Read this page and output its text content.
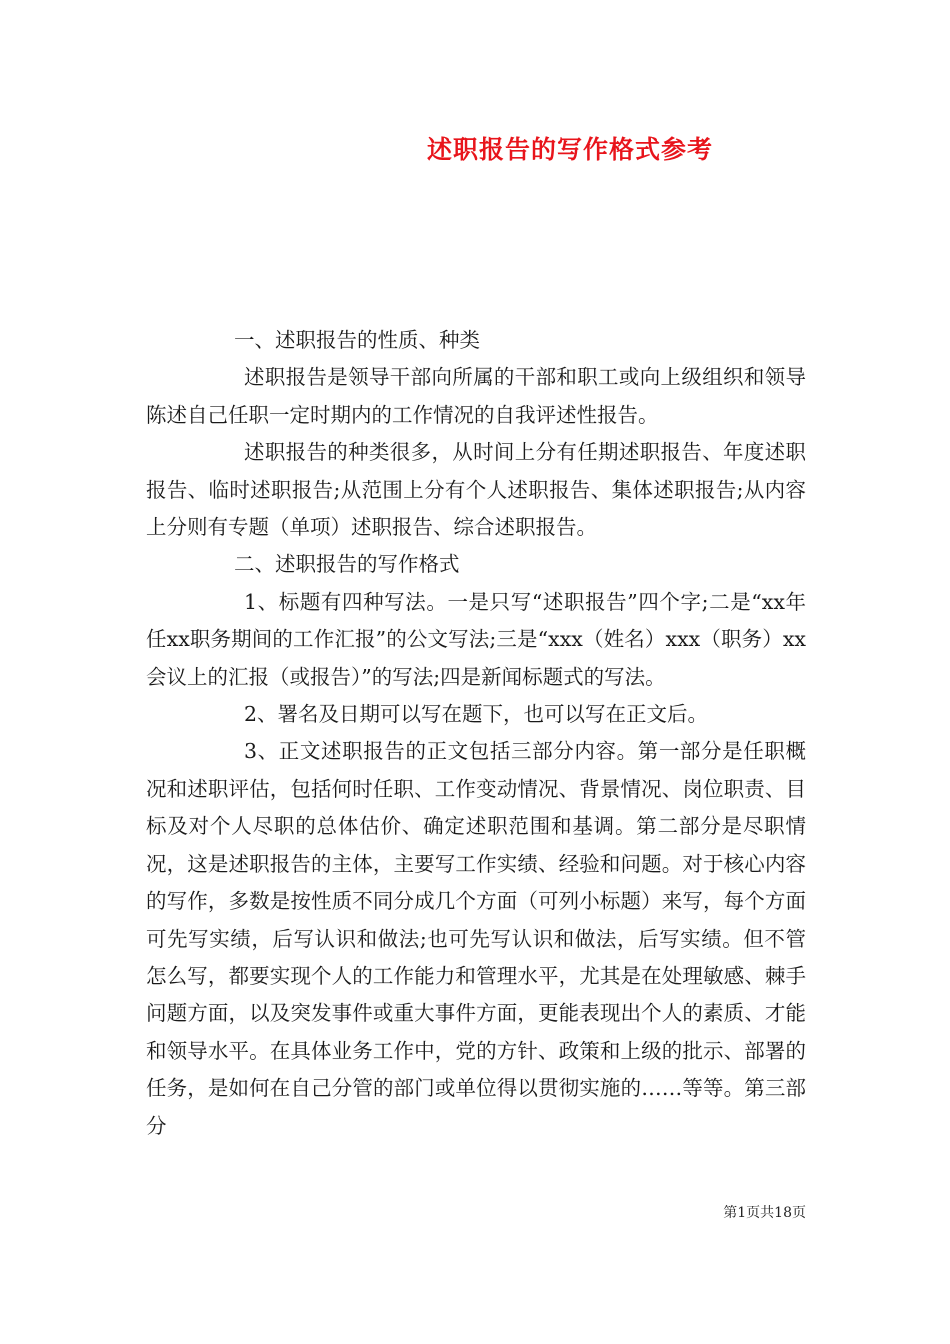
述职报告的写作格式参考

一、述职报告的性质、种类

述职报告是领导干部向所属的干部和职工或向上级组织和领导陈述自己任职一定时期内的工作情况的自我评述性报告。

述职报告的种类很多，从时间上分有任期述职报告、年度述职报告、临时述职报告;从范围上分有个人述职报告、集体述职报告;从内容上分则有专题（单项）述职报告、综合述职报告。

二、述职报告的写作格式

1、标题有四种写法。一是只写“述职报告”四个字;二是“xx年任xx职务期间的工作汇报”的公文写法;三是“xxx（姓名）xxx（职务）xx会议上的汇报（或报告）”的写法;四是新闻标题式的写法。

2、署名及日期可以写在题下，也可以写在正文后。

3、正文述职报告的正文包括三部分内容。第一部分是任职概况和述职评估，包括何时任职、工作变动情况、背景情况、岗位职责、目标及对个人尽职的总体估价、确定述职范围和基调。第二部分是尽职情况，这是述职报告的主体，主要写工作实绩、经验和问题。对于核心内容的写作，多数是按性质不同分成几个方面（可列小标题）来写，每个方面可先写实绩，后写认识和做法;也可先写认识和做法，后写实绩。但不管怎么写，都要实现个人的工作能力和管理水平，尤其是在处理敏感、棘手问题方面，以及突发事件或重大事件方面，更能表现出个人的素质、才能和领导水平。在具体业务工作中，党的方针、政策和上级的批示、部署的任务，是如何在自己分管的部门或单位得以贯彻实施的……等等。第三部分

第1页共18页
